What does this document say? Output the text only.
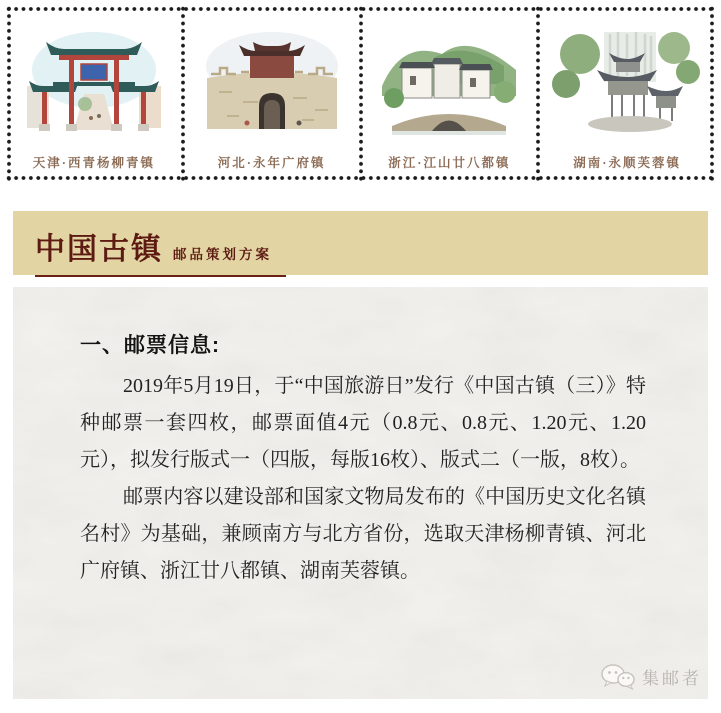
天津·西青杨柳青镇	河北·永年广府镇	浙江·江山廿八都镇	湖南·永顺芙蓉镇
中国古镇 邮品策划方案
一、邮票信息:

2019年5月19日，于“中国旅游日”发行《中国古镇（三）》特种邮票一套四枚，邮票面值4元（0.8元、0.8元、1.20元、1.20元），拟发行版式一（四版，每版16枚）、版式二（一版，8枚）。

邮票内容以建设部和国家文物局发布的《中国历史文化名镇名村》为基础，兼顾南方与北方省份，选取天津杨柳青镇、河北广府镇、浙江廿八都镇、湖南芙蓉镇。

集邮者
